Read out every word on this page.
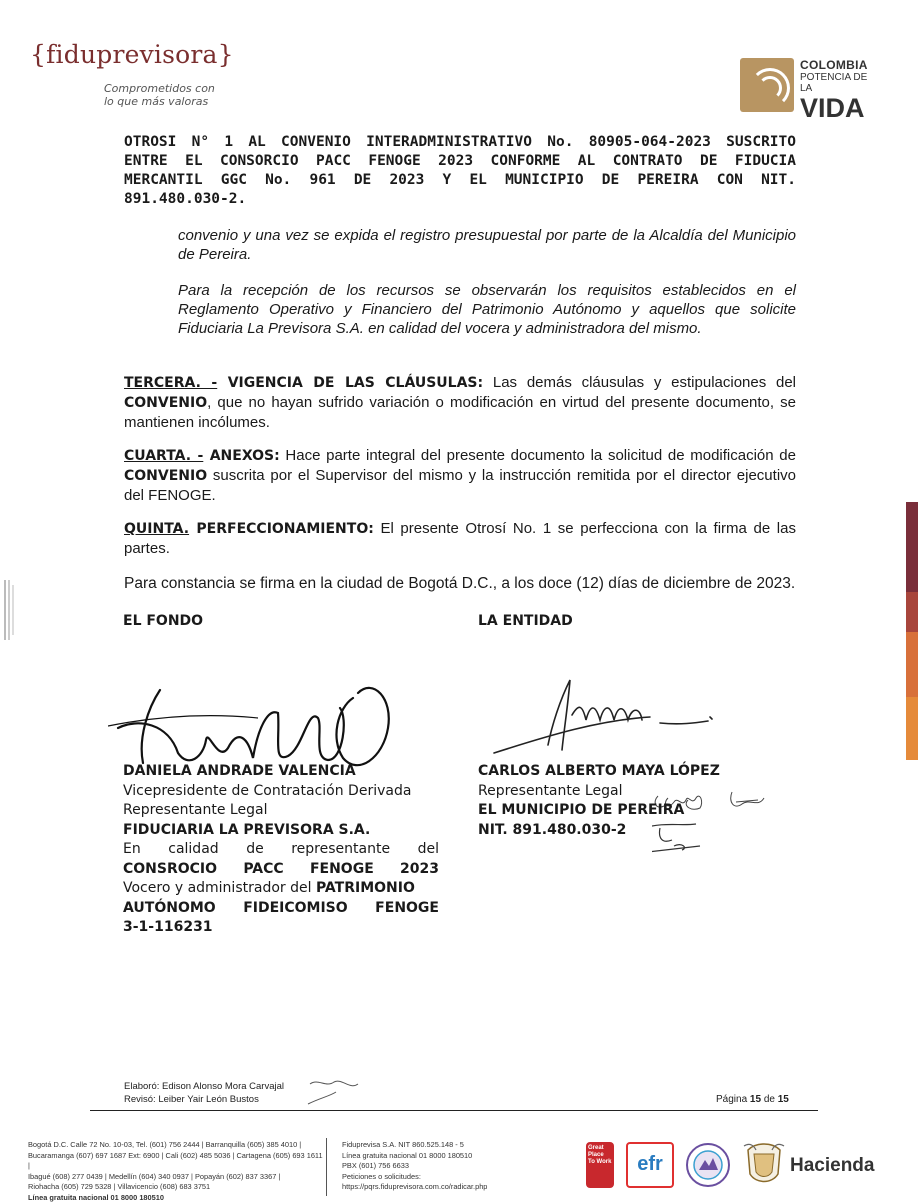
{fiduprevisora}
Comprometidos con
lo que más valoras
COLOMBIA
POTENCIA DE LA
VIDA
OTROSI N° 1 AL CONVENIO INTERADMINISTRATIVO No. 80905-064-2023 SUSCRITO ENTRE EL CONSORCIO PACC FENOGE 2023 CONFORME AL CONTRATO DE FIDUCIA MERCANTIL GGC No. 961 DE 2023 Y EL MUNICIPIO DE PEREIRA CON NIT. 891.480.030-2.
convenio y una vez se expida el registro presupuestal por parte de la Alcaldía del Municipio de Pereira.
Para la recepción de los recursos se observarán los requisitos establecidos en el Reglamento Operativo y Financiero del Patrimonio Autónomo y aquellos que solicite Fiduciaria La Previsora S.A. en calidad del vocera y administradora del mismo.
TERCERA. - VIGENCIA DE LAS CLÁUSULAS: Las demás cláusulas y estipulaciones del CONVENIO, que no hayan sufrido variación o modificación en virtud del presente documento, se mantienen incólumes.
CUARTA. - ANEXOS: Hace parte integral del presente documento la solicitud de modificación de CONVENIO suscrita por el Supervisor del mismo y la instrucción remitida por el director ejecutivo del FENOGE.
QUINTA. PERFECCIONAMIENTO: El presente Otrosí No. 1 se perfecciona con la firma de las partes.
Para constancia se firma en la ciudad de Bogotá D.C., a los doce (12) días de diciembre de 2023.
EL FONDO	LA ENTIDAD
DANIELA ANDRADE VALENCIA
Vicepresidente de Contratación Derivada
Representante Legal
FIDUCIARIA LA PREVISORA S.A.
En calidad de representante del
CONSROCIO PACC FENOGE 2023
Vocero y administrador del PATRIMONIO
AUTÓNOMO FIDEICOMISO FENOGE
3-1-116231
CARLOS ALBERTO MAYA LÓPEZ
Representante Legal
EL MUNICIPIO DE PEREIRA
NIT. 891.480.030-2
Elaboró: Edison Alonso Mora Carvajal
Revisó: Leiber Yair León Bustos	Página 15 de 15
Bogotá D.C. Calle 72 No. 10-03, Tel. (601) 756 2444 | Barranquilla (605) 385 4010 |
Bucaramanga (607) 697 1687 Ext: 6900 | Cali (602) 485 5036 | Cartagena (605) 693 1611 |
Ibagué (608) 277 0439 | Medellín (604) 340 0937 | Popayán (602) 837 3367 |
Riohacha (605) 729 5328 | Villavicencio (608) 683 3751
Línea gratuita nacional 01 8000 180510
Fiduprevisa S.A. NIT 860.525.148 - 5
Línea gratuita nacional 01 8000 180510
PBX (601) 756 6633
Peticiones o solicitudes:
https://pqrs.fiduprevisora.com.co/radicar.php
Great Place To Work	efr	Hacienda
